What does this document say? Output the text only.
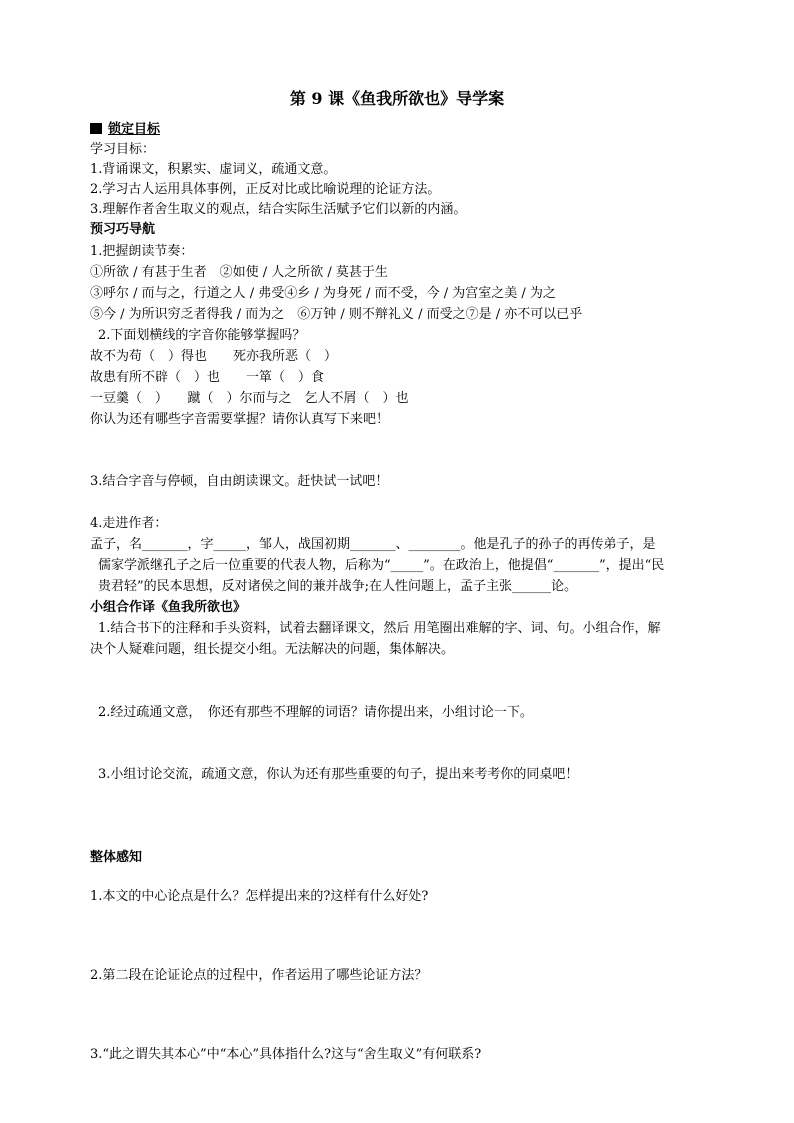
第 9 课《鱼我所欲也》导学案
锁定目标
学习目标：
1.背诵课文，积累实、虚词义，疏通文意。
2.学习古人运用具体事例，正反对比或比喻说理的论证方法。
3.理解作者舍生取义的观点，结合实际生活赋予它们以新的内涵。
预习巧导航
1.把握朗读节奏：
①所欲 / 有甚于生者　②如使 / 人之所欲 / 莫甚于生
③呼尔 / 而与之，行道之人 / 弗受④乡 / 为身死 / 而不受，今 / 为宫室之美 / 为之
⑤今 / 为所识穷乏者得我 / 而为之　⑥万钟 / 则不辩礼义 / 而受之⑦是 / 亦不可以已乎
2.下面划横线的字音你能够掌握吗？
故不为苟（　）得也　　死亦我所恶（　）
故患有所不辟（　）也　　一箪（　）食
一豆羹（　）　　蹴（　）尔而与之　乞人不屑（　）也
你认为还有哪些字音需要掌握？请你认真写下来吧！
3.结合字音与停顿，自由朗读课文。赶快试一试吧！
4.走进作者：
孟子，名_______，字_____，邹人，战国初期_______、________。他是孔子的孙子的再传弟子，是
儒家学派继孔子之后一位重要的代表人物，后称为“_____”。在政治上，他提倡“_______”，提出“民
贵君轻”的民本思想，反对诸侯之间的兼并战争;在人性问题上，孟子主张______论。
小组合作译《鱼我所欲也》
1.结合书下的注释和手头资料，试着去翻译课文，然后 用笔圈出难解的字、词、句。小组合作，解
决个人疑难问题，组长提交小组。无法解决的问题，集体解决。
2.经过疏通文意，　你还有那些不理解的词语？请你提出来，小组讨论一下。
3.小组讨论交流，疏通文意，你认为还有那些重要的句子，提出来考考你的同桌吧！
整体感知
1.本文的中心论点是什么？怎样提出来的?这样有什么好处?
2.第二段在论证论点的过程中，作者运用了哪些论证方法？
3.“此之谓失其本心”中“本心”具体指什么?这与“舍生取义”有何联系?
